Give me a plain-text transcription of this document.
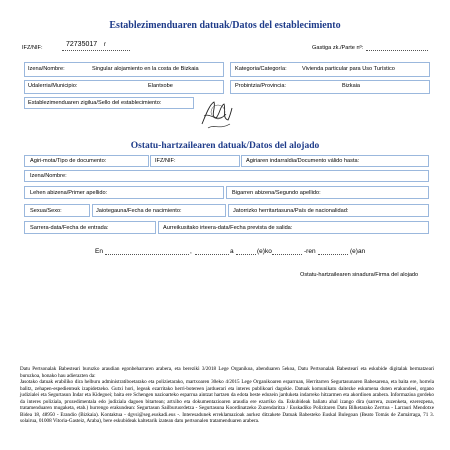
Establezimenduaren datuak/Datos del establecimiento
IFZ/NIF:	72735017 r	Gastiga zk./Parte nº:
Izena/Nombre:	Singular alojamiento en la costa de Bizkaia	Kategoria/Categoría:	Vivienda particular para Uso Turístico
Udalerria/Municipio:	Elantxobe	Probintzia/Provincia:	Bizkaia
Establezimenduaren zigilua/Sello del establecimiento:
Ostatu-hartzailearen datuak/Datos del alojado
Agiri-mota/Tipo de documento:	IFZ/NIF:	Agiriaren indarraldia/Documento válido hasta:
Izena/Nombre:
Lehen abizena/Primer apellido:	Bigarren abizena/Segundo apellido:
Sexua/Sexo:	Jaiotegauna/Fecha de nacimiento:	Jatorrizko herritartasuna/País de nacionalidad:
Sarrera-data/Fecha de entrada:	Aurreikusitako irteera-data/Fecha prevista de salida:
En	,	a	(e)ko	-ren	(e)an
Ostatu-hartzailearen sinadura/Firma del alojado

Datu Pertsonalak Babesteari buruzko araudian egonbeharraren arabera, eta berezikì 3/2018 Lege Organikoa, abenduaren 5ekoa, Datu Pertsonalak Babestearí eta eskubide digitalak bermatzeari buruzkoa, honako hau adierazten da:

Jasotako datuak erabiliko dira helburu administratiboetarako eta polizietarako, martxoaren 30eko 4/2015 Lege Organikoaren esparruan, Herritarren Segurtasunaren Babesarena, eta baita ere, horrela balitz, zehapen-espedienteak izapidetzeko. Gutxi hori, legeak ezarritako herri-botereen jarduerari eta interes publikoari dagokie. Datuak komunikatu daitezke eskumena duten erakundeei, organo judizialei eta Segurtasun Indar eta Kidegoei; baita ere Schengen nazioarteko esparrua aintzat hartzen da edota beste edozein jarduketa indarreko hitzarmen eta akordioen arabera. Informazioa gordeko da interes poliziala, prozedimentala edo judiziala dagoen bitartean; artxibo eta dokumentazioaren araudia ere ezarriko da. Eskubideak baliatu ahal izango dira (sarrera, zuzenketa, ezerezpena, tratamenduaren mugaketa, etab.) hurrengo erakundean: Segurtasun Sailburuordetza - Segurtasuna Koordinatzeko Zuzendaritza / Euskadiko Polizitaren Datu Bilketarako Zerrtoa - Larrauri Mendotxe Bidea 18, 48950 - Erandio (Bizkaia). Kontaktua - dgvsi@seg.euskadi.eus -. Interesadunek erreklamazioak aurkez ditzakete Datuak Babesteko Euskal Bulegoan (Beato Tomás de Zumárraga, 71 3. solairua, 01008 Vitoria-Gasteiz, Araba), bere eskubideak kaltetarik izatean datu pertsonalen tratamenduaren arabera.
